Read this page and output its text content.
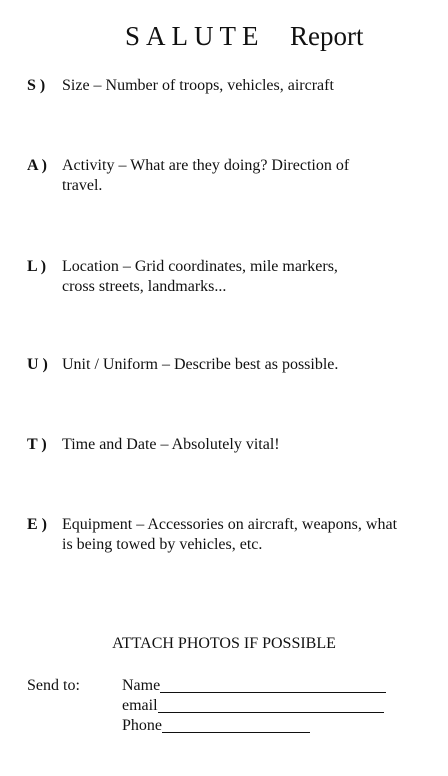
SALUTE Report
S ) Size – Number of troops, vehicles, aircraft
A ) Activity – What are they doing? Direction of travel.
L ) Location – Grid coordinates, mile markers, cross streets, landmarks...
U ) Unit / Uniform – Describe best as possible.
T ) Time and Date – Absolutely vital!
E ) Equipment – Accessories on aircraft, weapons, what is being towed by vehicles, etc.
ATTACH PHOTOS IF POSSIBLE
Send to:	Name
email
Phone
